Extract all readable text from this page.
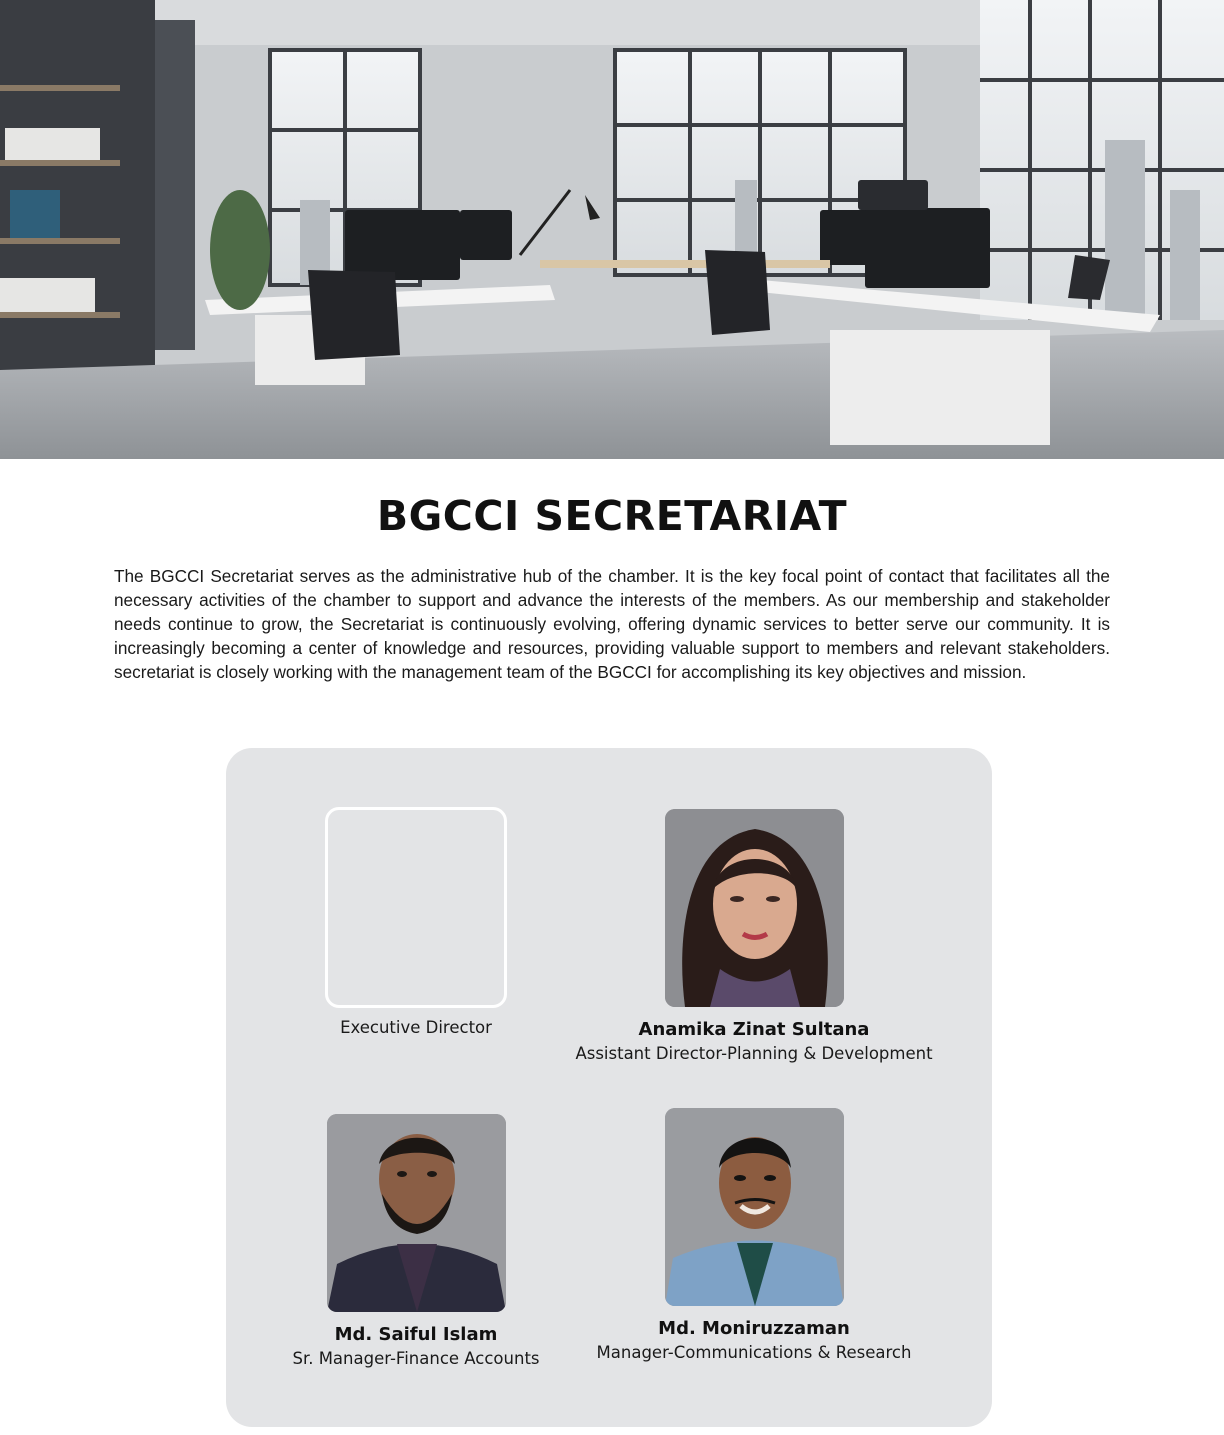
BGCCI SECRETARIAT

The BGCCI Secretariat serves as the administrative hub of the chamber. It is the key focal point of contact that facilitates all the necessary activities of the chamber to support and advance the interests of the members. As our membership and stakeholder needs continue to grow, the Secretariat is continuously evolving, offering dynamic services to better serve our community. It is increasingly becoming a center of knowledge and resources, providing valuable support to members and relevant stakeholders. secretariat is closely working with the management team of the BGCCI for accomplishing its key objectives and mission.

Executive Director	Anamika Zinat Sultana
Assistant Director-Planning & Development
Md. Saiful Islam
Sr. Manager-Finance Accounts
Md. Moniruzzaman
Manager-Communications & Research
